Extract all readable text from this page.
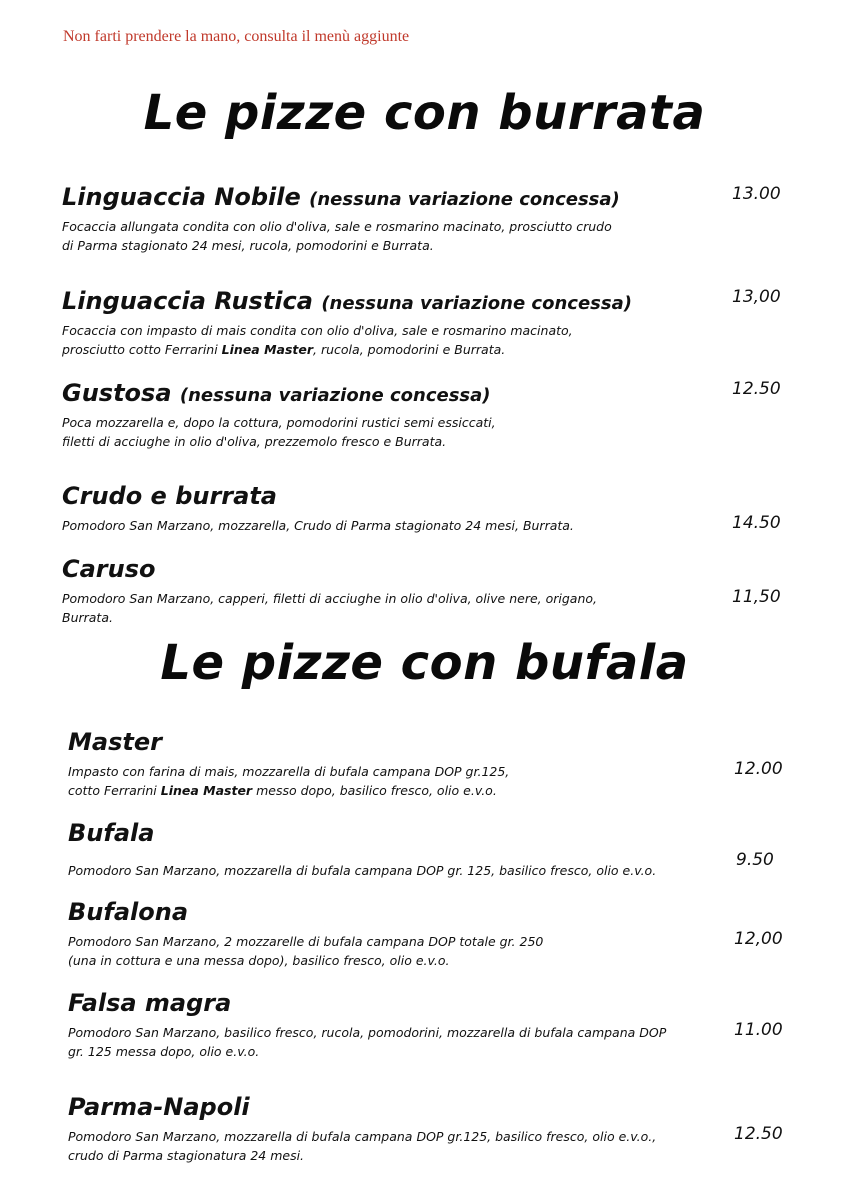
Non farti prendere la mano, consulta il menù aggiunte
Le pizze con burrata
Linguaccia Nobile (nessuna variazione concessa)
Focaccia allungata condita con olio d'oliva, sale e rosmarino macinato, prosciutto crudo
di Parma stagionato 24 mesi, rucola, pomodorini e Burrata.
13.00
Linguaccia Rustica (nessuna variazione concessa)
Focaccia con impasto di mais condita con olio d'oliva, sale e rosmarino macinato,
prosciutto cotto Ferrarini Linea Master, rucola, pomodorini e Burrata.
13,00
Gustosa (nessuna variazione concessa)
Poca mozzarella e, dopo la cottura, pomodorini rustici semi essiccati,
filetti di acciughe in olio d'oliva, prezzemolo fresco e Burrata.
12.50
Crudo e burrata
Pomodoro San Marzano, mozzarella, Crudo di Parma stagionato 24 mesi, Burrata.	14.50
Caruso
Pomodoro San Marzano, capperi, filetti di acciughe in olio d'oliva, olive nere, origano,
Burrata.
11,50
Le pizze con bufala
Master
Impasto con farina di mais, mozzarella di bufala campana DOP gr.125,
cotto Ferrarini Linea Master messo dopo, basilico fresco, olio e.v.o.
12.00
Bufala
Pomodoro San Marzano, mozzarella di bufala campana DOP gr. 125, basilico fresco, olio e.v.o.
9.50
Bufalona
Pomodoro San Marzano, 2 mozzarelle di bufala campana DOP totale gr. 250
(una in cottura e una messa dopo), basilico fresco, olio e.v.o.
12,00
Falsa magra
Pomodoro San Marzano, basilico fresco, rucola, pomodorini, mozzarella di bufala campana DOP
gr. 125 messa dopo, olio e.v.o.
11.00
Parma-Napoli
Pomodoro San Marzano, mozzarella di bufala campana DOP gr.125, basilico fresco, olio e.v.o.,
crudo di Parma stagionatura 24 mesi.
12.50
